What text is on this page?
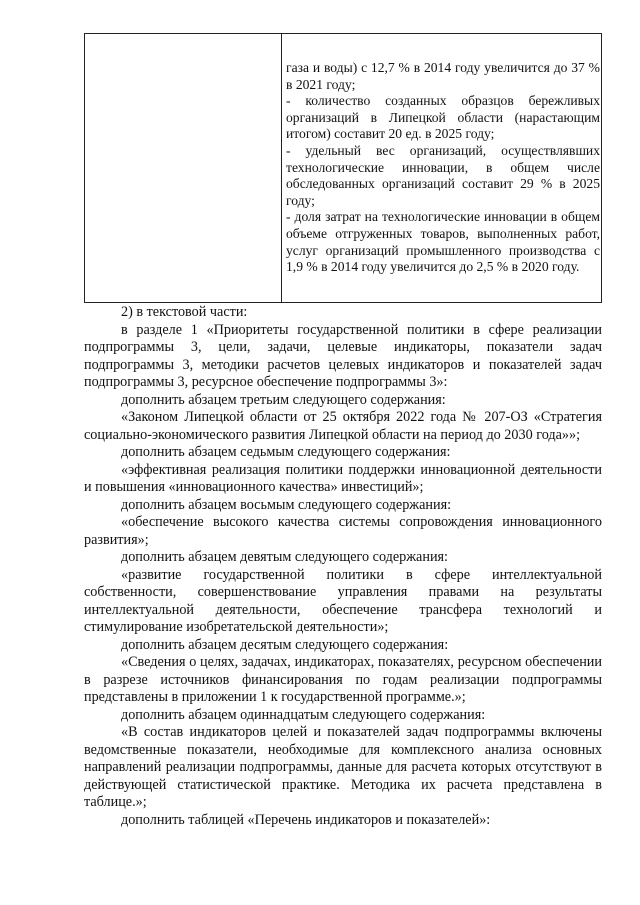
газа и воды) с 12,7 % в 2014 году увеличится до 37 % в 2021 году;

- количество созданных образцов бережливых организаций в Липецкой области (нарастающим итогом) составит 20 ед. в 2025 году;

- удельный вес организаций, осуществлявших технологические инновации, в общем числе обследованных организаций составит 29 % в 2025 году;

- доля затрат на технологические инновации в общем объеме отгруженных товаров, выполненных работ, услуг организаций промышленного производства с 1,9 % в 2014 году увеличится до 2,5 % в 2020 году.

2) в текстовой части:

в разделе 1 «Приоритеты государственной политики в сфере реализации подпрограммы 3, цели, задачи, целевые индикаторы, показатели задач подпрограммы 3, методики расчетов целевых индикаторов и показателей задач подпрограммы 3, ресурсное обеспечение подпрограммы 3»:

дополнить абзацем третьим следующего содержания:

«Законом Липецкой области от 25 октября 2022 года № 207-ОЗ «Стратегия социально-экономического развития Липецкой области на период до 2030 года»»;

дополнить абзацем седьмым следующего содержания:

«эффективная реализация политики поддержки инновационной деятельности и повышения «инновационного качества» инвестиций»;

дополнить абзацем восьмым следующего содержания:

«обеспечение высокого качества системы сопровождения инновационного развития»;

дополнить абзацем девятым следующего содержания:

«развитие государственной политики в сфере интеллектуальной собственности, совершенствование управления правами на результаты интеллектуальной деятельности, обеспечение трансфера технологий и стимулирование изобретательской деятельности»;

дополнить абзацем десятым следующего содержания:

«Сведения о целях, задачах, индикаторах, показателях, ресурсном обеспечении в разрезе источников финансирования по годам реализации подпрограммы представлены в приложении 1 к государственной программе.»;

дополнить абзацем одиннадцатым следующего содержания:

«В состав индикаторов целей и показателей задач подпрограммы включены ведомственные показатели, необходимые для комплексного анализа основных направлений реализации подпрограммы, данные для расчета которых отсутствуют в действующей статистической практике. Методика их расчета представлена в таблице.»;

дополнить таблицей «Перечень индикаторов и показателей»:
